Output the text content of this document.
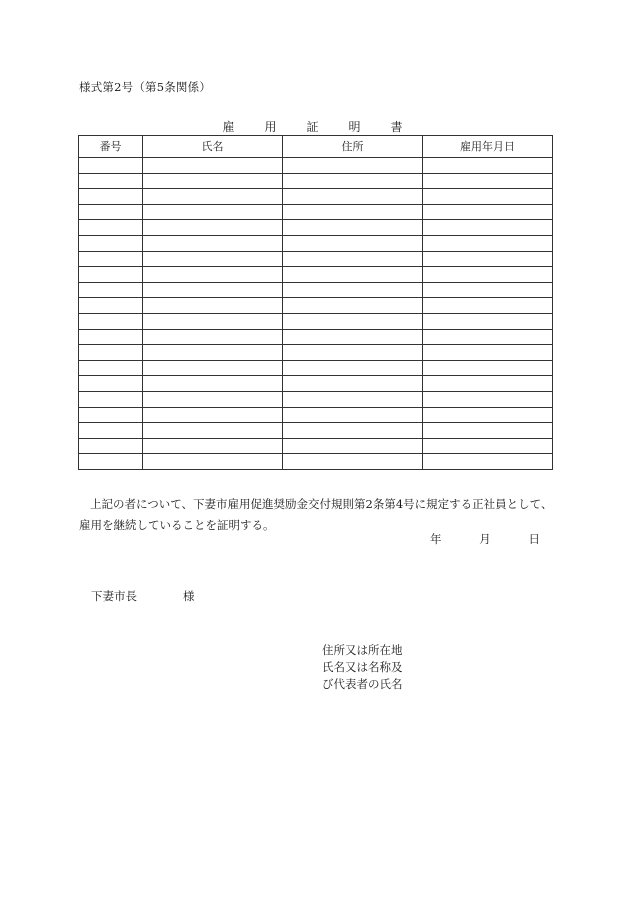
様式第2号（第5条関係）
雇　用　証　明　書
番号	氏名	住所	雇用年月日

上記の者について、下妻市雇用促進奨励金交付規則第2条第4号に規定する正社員として、
雇用を継続していることを証明する。
年	月	日
下妻市長	様
住所又は所在地
氏名又は名称及
び代表者の氏名
